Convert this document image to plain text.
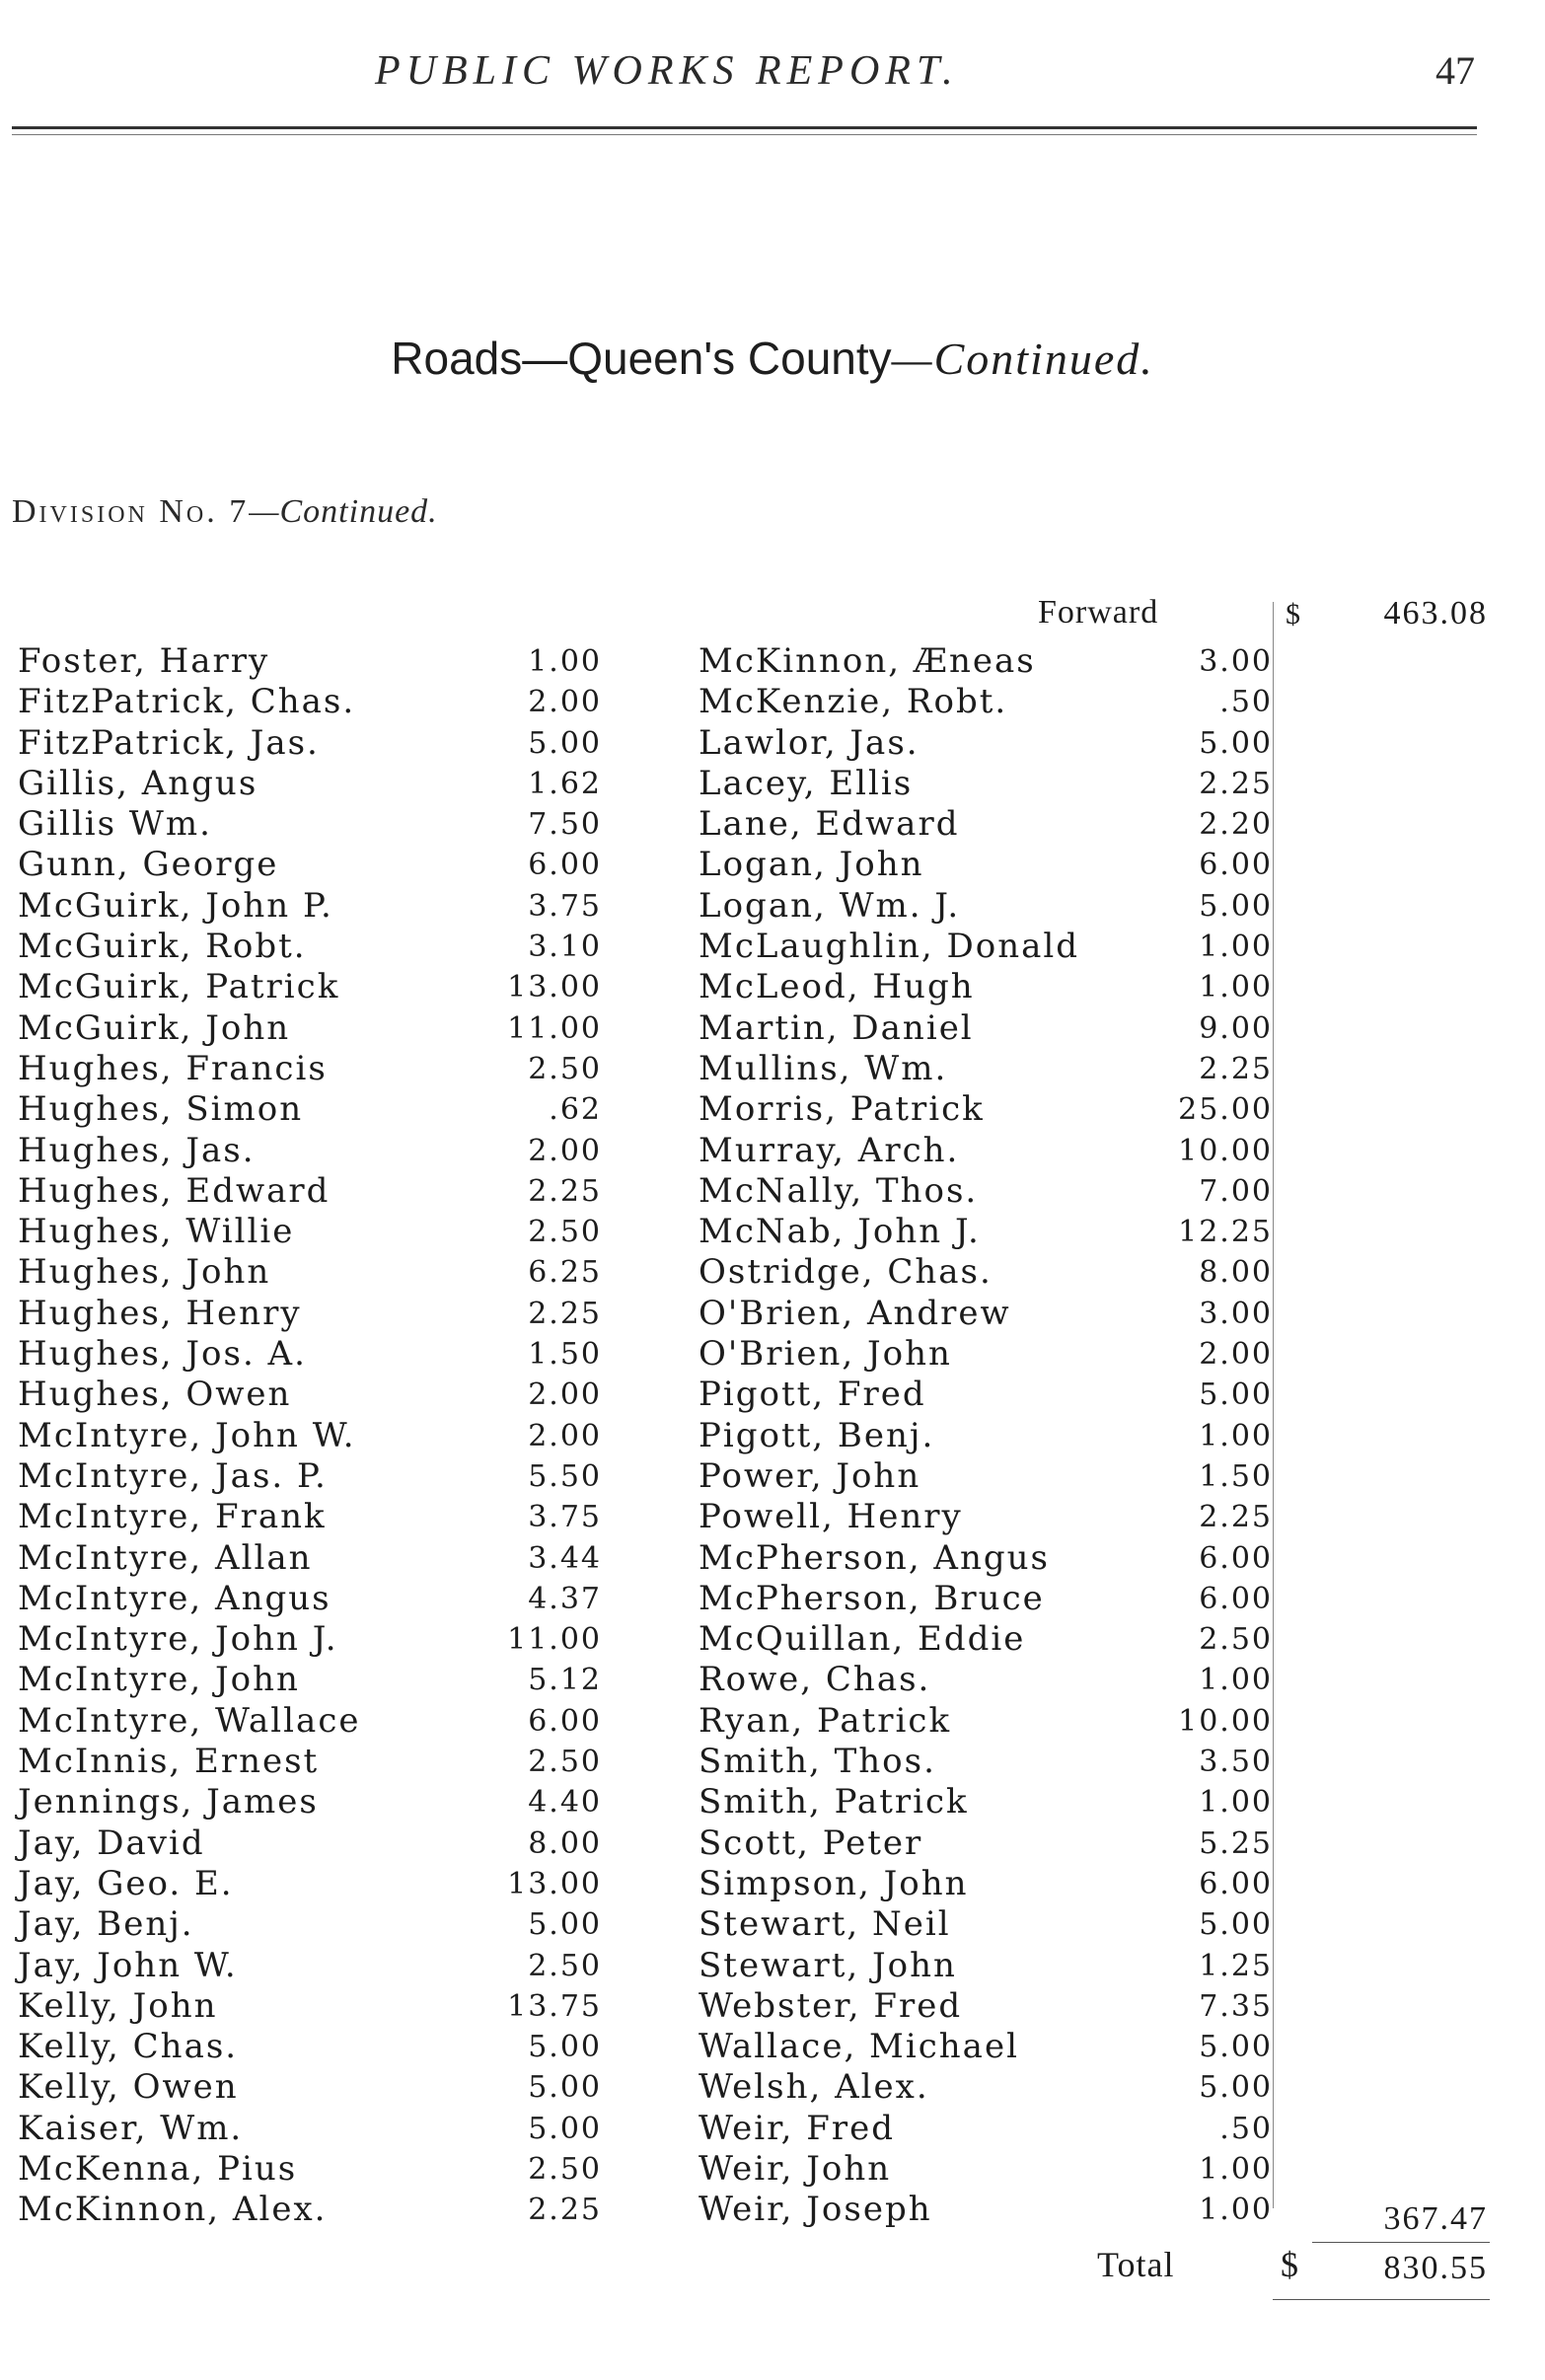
PUBLIC WORKS REPORT.	47
Roads—Queen's County—Continued.
Division No. 7—Continued.
Forward	$	463.08
Foster, Harry	1.00
FitzPatrick, Chas.	2.00
FitzPatrick, Jas.	5.00
Gillis, Angus	1.62
Gillis Wm.	7.50
Gunn, George	6.00
McGuirk, John P.	3.75
McGuirk, Robt.	3.10
McGuirk, Patrick	13.00
McGuirk, John	11.00
Hughes, Francis	2.50
Hughes, Simon	.62
Hughes, Jas.	2.00
Hughes, Edward	2.25
Hughes, Willie	2.50
Hughes, John	6.25
Hughes, Henry	2.25
Hughes, Jos. A.	1.50
Hughes, Owen	2.00
McIntyre, John W.	2.00
McIntyre, Jas. P.	5.50
McIntyre, Frank	3.75
McIntyre, Allan	3.44
McIntyre, Angus	4.37
McIntyre, John J.	11.00
McIntyre, John	5.12
McIntyre, Wallace	6.00
McInnis, Ernest	2.50
Jennings, James	4.40
Jay, David	8.00
Jay, Geo. E.	13.00
Jay, Benj.	5.00
Jay, John W.	2.50
Kelly, John	13.75
Kelly, Chas.	5.00
Kelly, Owen	5.00
Kaiser, Wm.	5.00
McKenna, Pius	2.50
McKinnon, Alex.	2.25
McKinnon, Æneas	3.00
McKenzie, Robt.	.50
Lawlor, Jas.	5.00
Lacey, Ellis	2.25
Lane, Edward	2.20
Logan, John	6.00
Logan, Wm. J.	5.00
McLaughlin, Donald	1.00
McLeod, Hugh	1.00
Martin, Daniel	9.00
Mullins, Wm.	2.25
Morris, Patrick	25.00
Murray, Arch.	10.00
McNally, Thos.	7.00
McNab, John J.	12.25
Ostridge, Chas.	8.00
O'Brien, Andrew	3.00
O'Brien, John	2.00
Pigott, Fred	5.00
Pigott, Benj.	1.00
Power, John	1.50
Powell, Henry	2.25
McPherson, Angus	6.00
McPherson, Bruce	6.00
McQuillan, Eddie	2.50
Rowe, Chas.	1.00
Ryan, Patrick	10.00
Smith, Thos.	3.50
Smith, Patrick	1.00
Scott, Peter	5.25
Simpson, John	6.00
Stewart, Neil	5.00
Stewart, John	1.25
Webster, Fred	7.35
Wallace, Michael	5.00
Welsh, Alex.	5.00
Weir, Fred	.50
Weir, John	1.00
Weir, Joseph	1.00	367.47
Total	$	830.55
